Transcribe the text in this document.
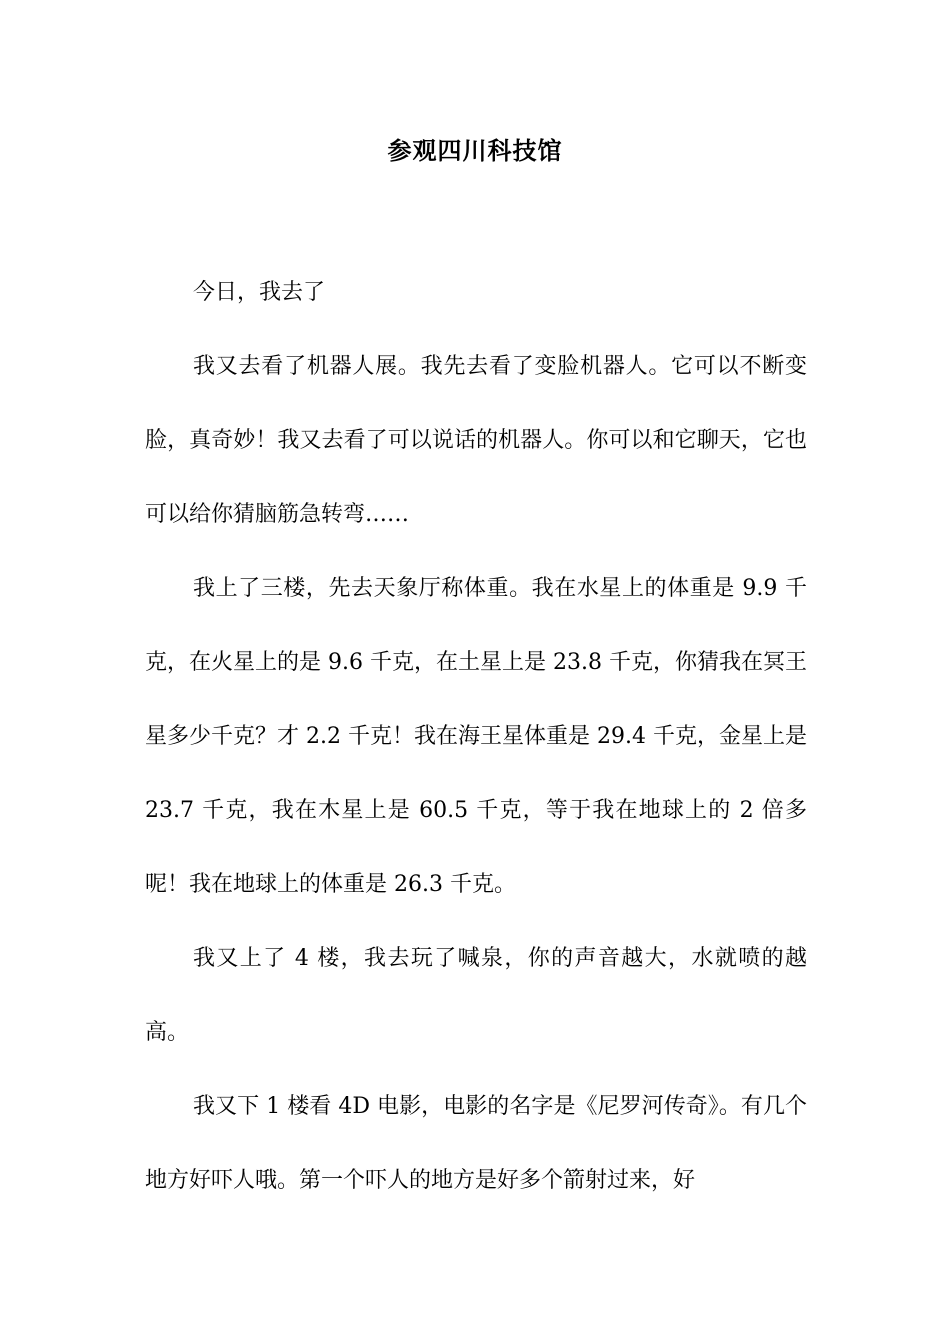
参观四川科技馆

今日，我去了

我又去看了机器人展。我先去看了变脸机器人。它可以不断变脸，真奇妙！我又去看了可以说话的机器人。你可以和它聊天，它也可以给你猜脑筋急转弯……

我上了三楼，先去天象厅称体重。我在水星上的体重是 9.9 千克，在火星上的是 9.6 千克，在土星上是 23.8 千克，你猜我在冥王星多少千克？才 2.2 千克！我在海王星体重是 29.4 千克，金星上是 23.7 千克，我在木星上是 60.5 千克，等于我在地球上的 2 倍多呢！我在地球上的体重是 26.3 千克。

我又上了 4 楼，我去玩了喊泉，你的声音越大，水就喷的越高。

我又下 1 楼看 4D 电影，电影的名字是《尼罗河传奇》。有几个地方好吓人哦。第一个吓人的地方是好多个箭射过来，好
